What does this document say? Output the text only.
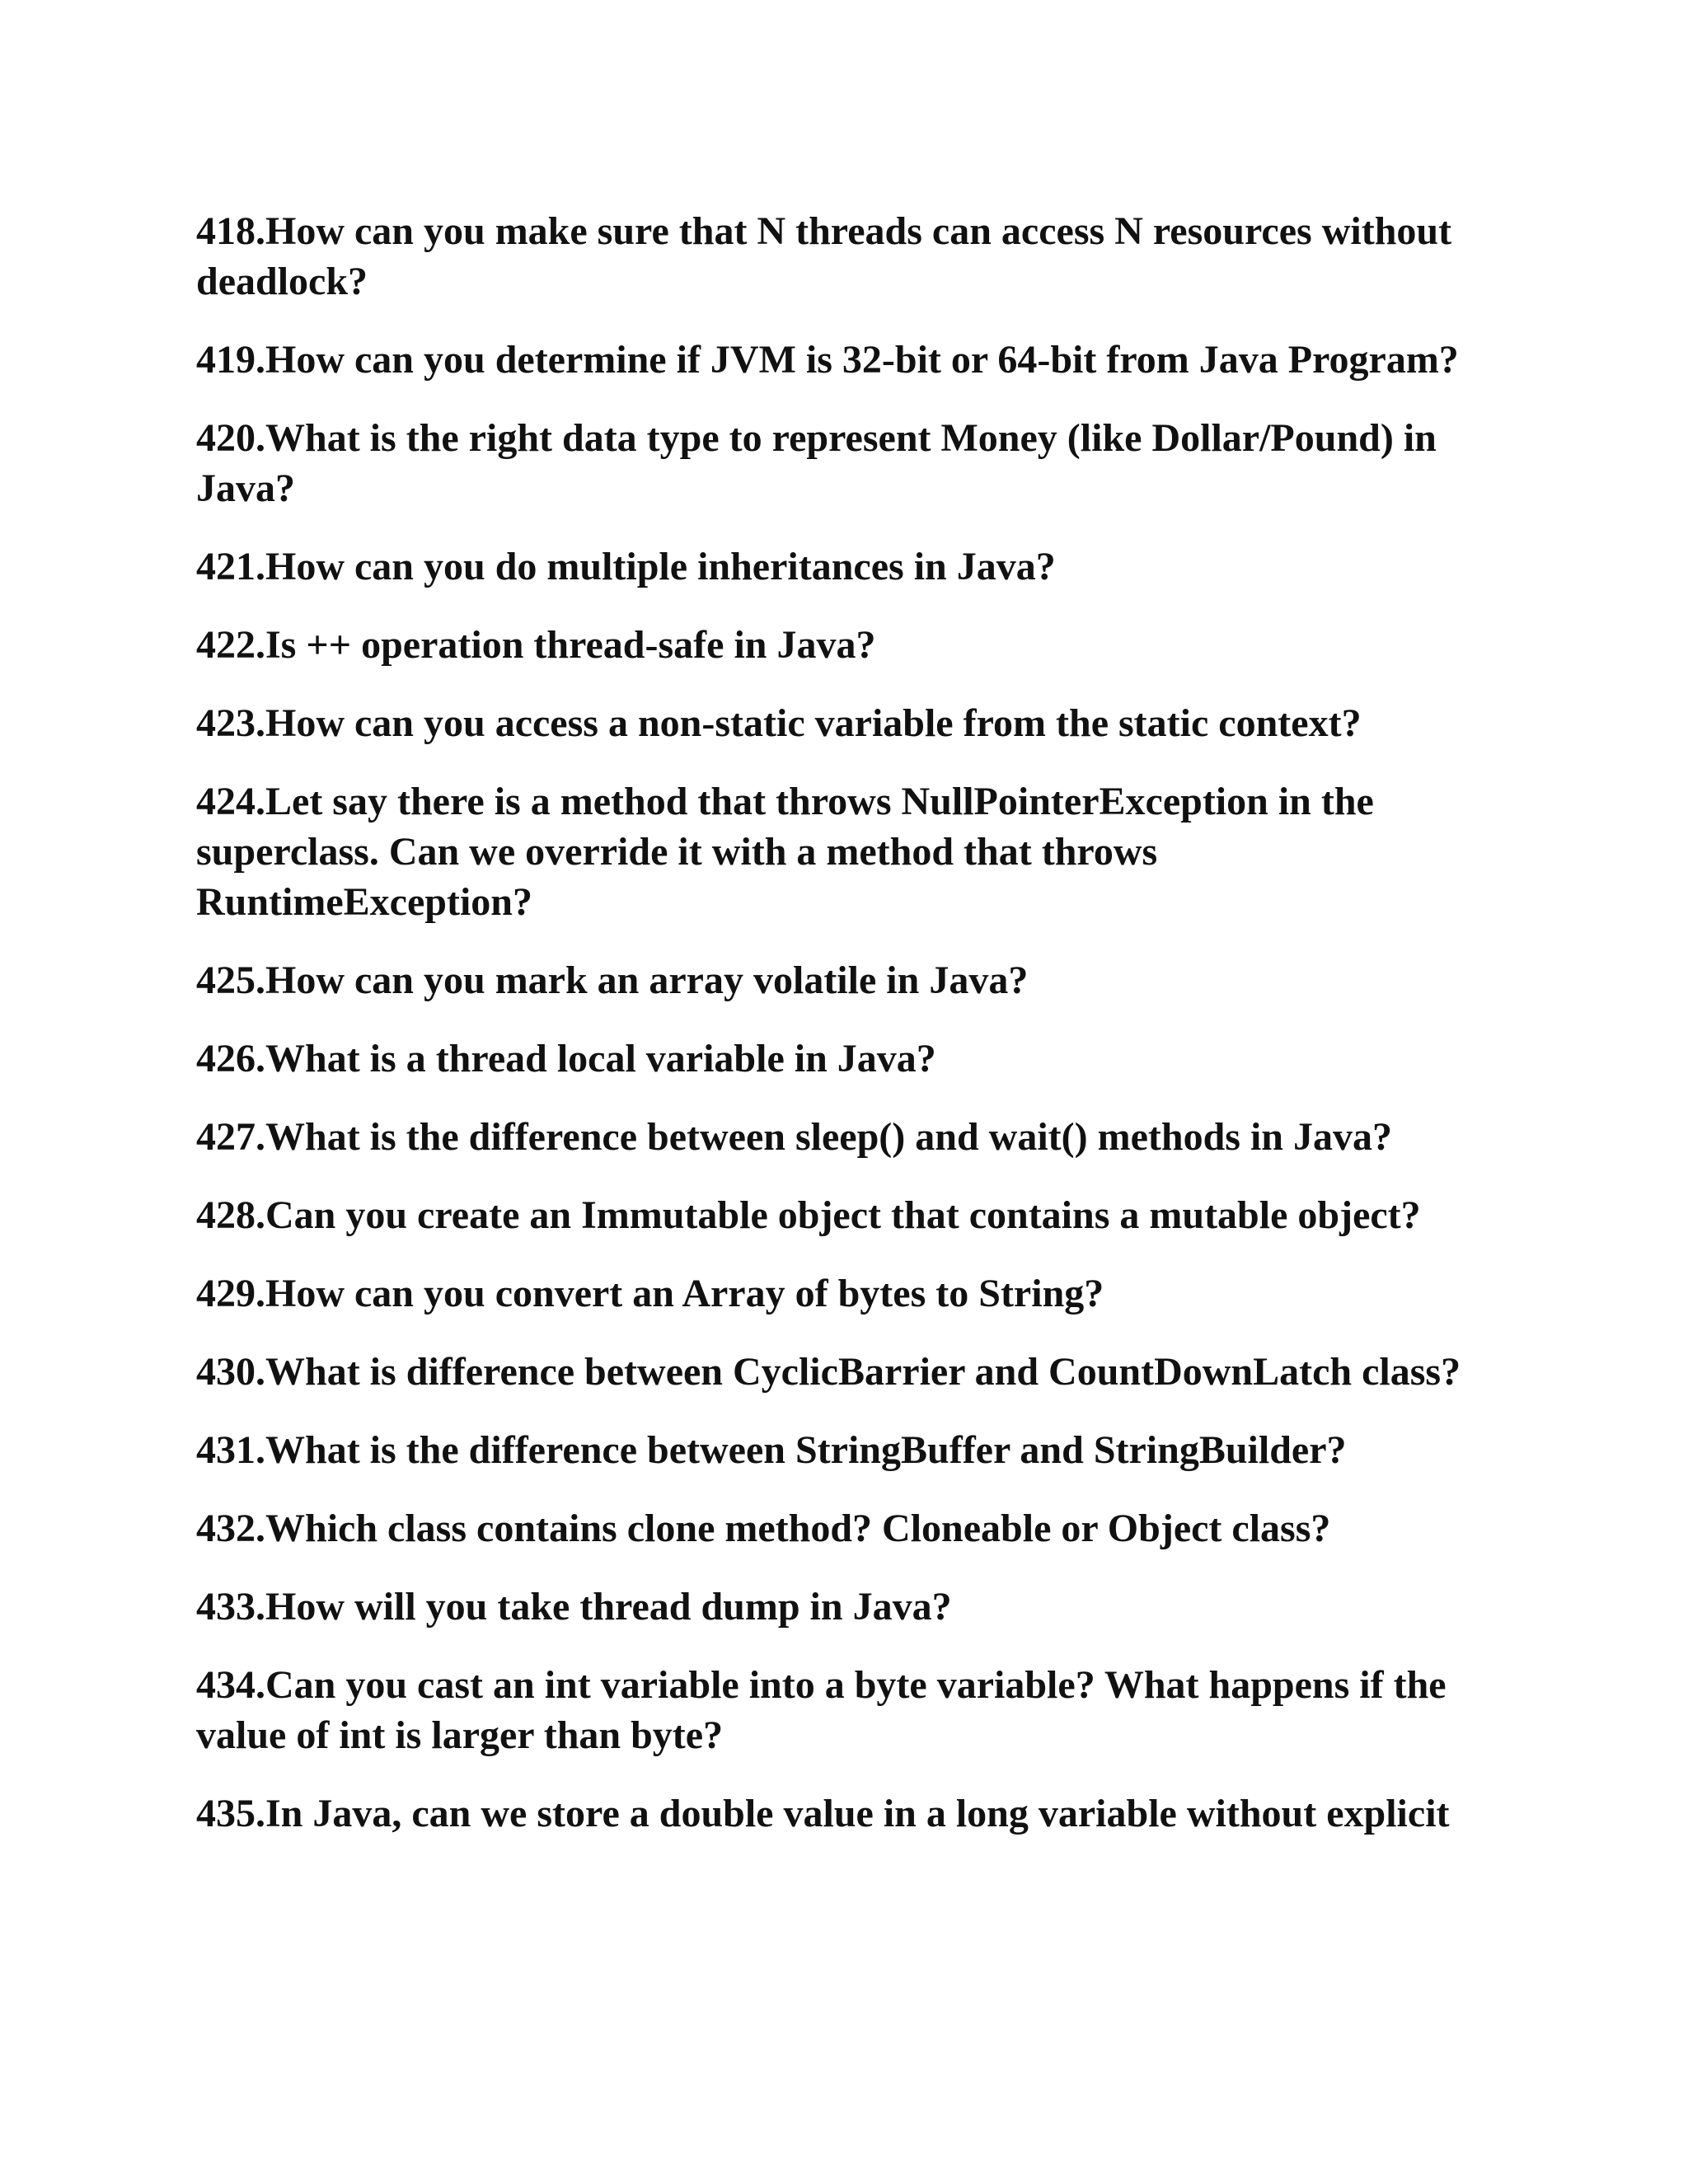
418.How can you make sure that N threads can access N resources without deadlock?
419.How can you determine if JVM is 32-bit or 64-bit from Java Program?
420.What is the right data type to represent Money (like Dollar/Pound) in Java?
421.How can you do multiple inheritances in Java?
422.Is ++ operation thread-safe in Java?
423.How can you access a non-static variable from the static context?
424.Let say there is a method that throws NullPointerException in the superclass. Can we override it with a method that throws RuntimeException?
425.How can you mark an array volatile in Java?
426.What is a thread local variable in Java?
427.What is the difference between sleep() and wait() methods in Java?
428.Can you create an Immutable object that contains a mutable object?
429.How can you convert an Array of bytes to String?
430.What is difference between CyclicBarrier and CountDownLatch class?
431.What is the difference between StringBuffer and StringBuilder?
432.Which class contains clone method? Cloneable or Object class?
433.How will you take thread dump in Java?
434.Can you cast an int variable into a byte variable? What happens if the value of int is larger than byte?
435.In Java, can we store a double value in a long variable without explicit
